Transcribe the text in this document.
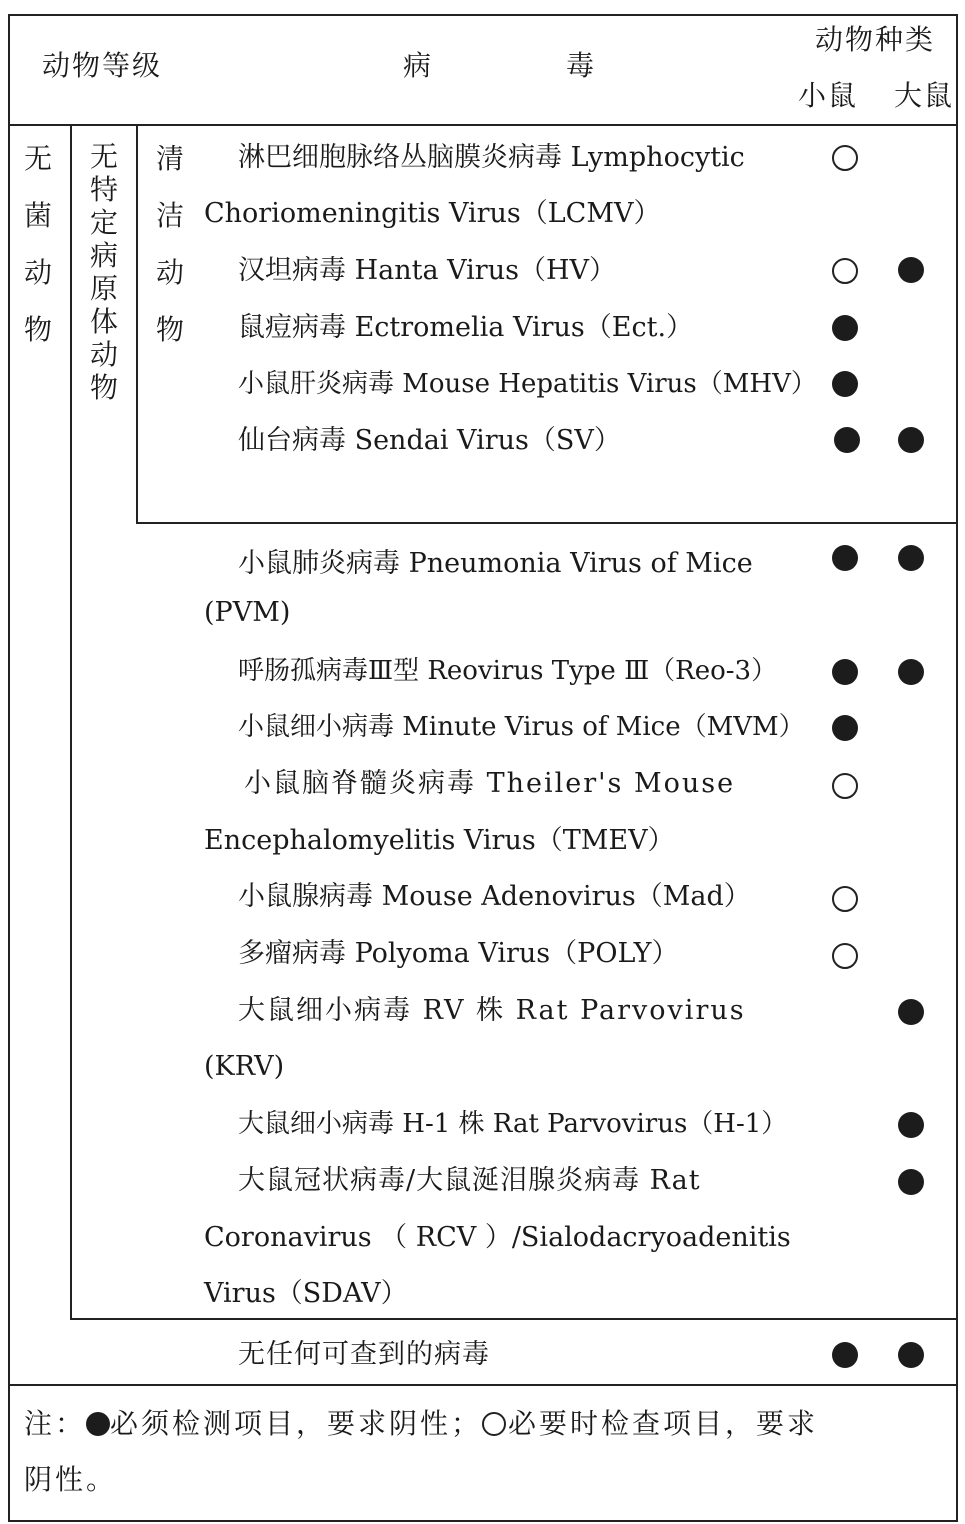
动物等级	病	毒
动物种类
小鼠 大鼠
无
菌
动
物
无
特
定
病
原
体
动
物
清
洁
动
物
淋巴细胞脉络丛脑膜炎病毒 Lymphocytic
Choriomeningitis Virus（LCMV）
汉坦病毒 Hanta Virus（HV）
鼠痘病毒 Ectromelia Virus（Ect.）
小鼠肝炎病毒 Mouse Hepatitis Virus（MHV）
仙台病毒 Sendai Virus（SV）
小鼠肺炎病毒 Pneumonia Virus of Mice
(PVM)
呼肠孤病毒Ⅲ型 Reovirus Type Ⅲ（Reo-3）
小鼠细小病毒 Minute Virus of Mice（MVM）
小鼠脑脊髓炎病毒 Theiler's Mouse
Encephalomyelitis Virus（TMEV）
小鼠腺病毒 Mouse Adenovirus（Mad）
多瘤病毒 Polyoma Virus（POLY）
大鼠细小病毒 RV 株 Rat Parvovirus
(KRV)
大鼠细小病毒 H-1 株 Rat Parvovirus（H-1）
大鼠冠状病毒/大鼠涎泪腺炎病毒 Rat
Coronavirus （ RCV ）/Sialodacryoadenitis
Virus（SDAV）
无任何可查到的病毒
注： 必须检测项目，要求阴性； 必要时检查项目，要求
阴性。
